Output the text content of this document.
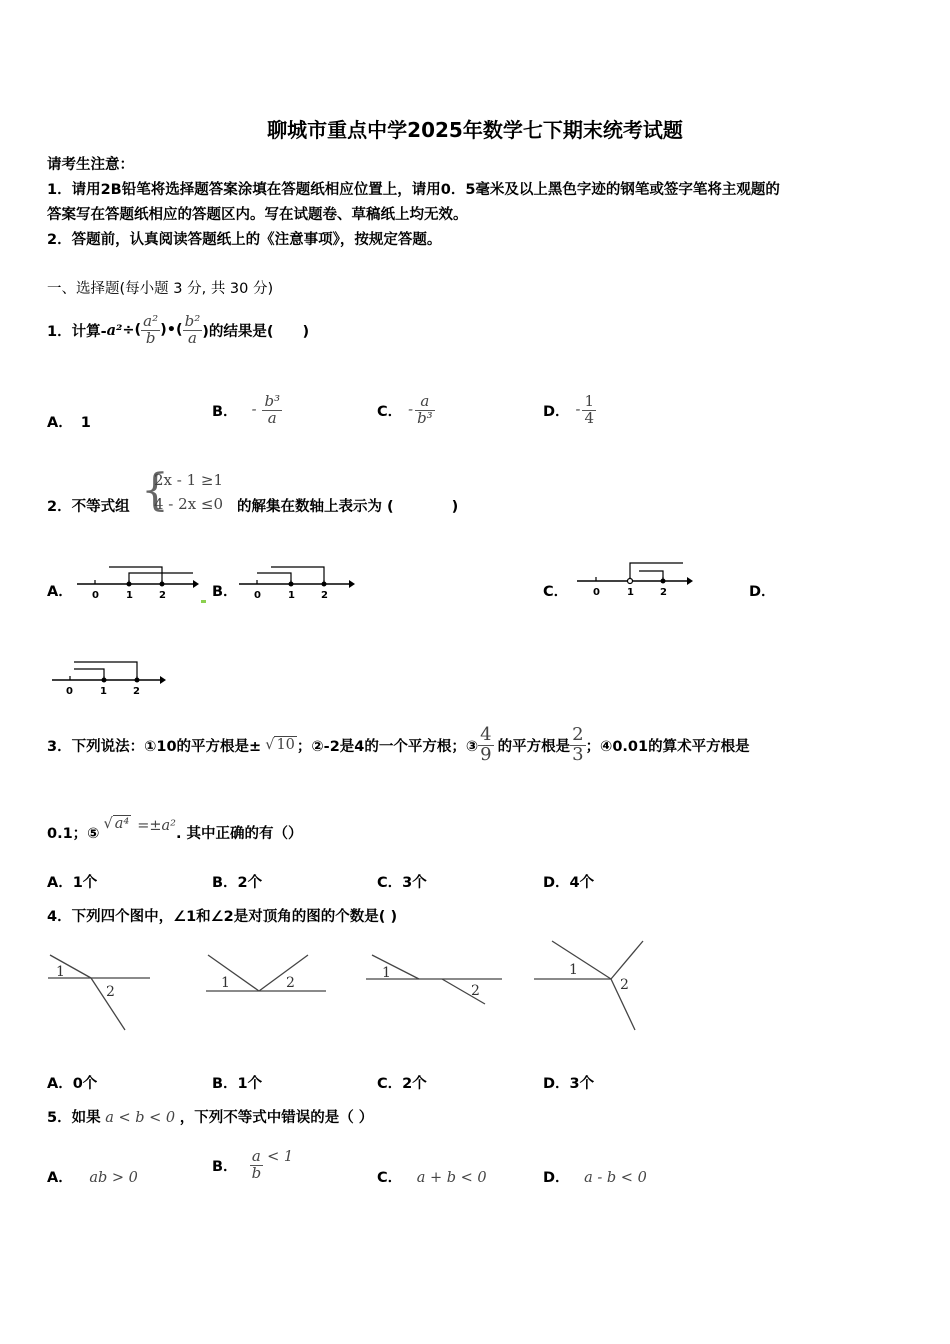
聊城市重点中学2025年数学七下期末统考试题
请考生注意：
1．请用2B铅笔将选择题答案涂填在答题纸相应位置上，请用0．5毫米及以上黑色字迹的钢笔或签字笔将主观题的
答案写在答题纸相应的答题区内。写在试题卷、草稿纸上均无效。
2．答题前，认真阅读答题纸上的《注意事项》，按规定答题。
一、选择题(每小题 3 分, 共 30 分)
1．计算- a² ÷( $\frac{\text{a²}}{b}$ )•( $\frac{\text{b²}}{a}$ )的结果是(　　)
A． 1
B． - $\frac{\text{b³}}{a}$	C． - $\frac{a}{\text{b³}}$	D． - $\frac{1}{4}$
2．不等式组 {
2x - 1 ≥1
4 - 2x ≤0 的解集在数轴上表示为 (　　　　)
A．	B．	C．	D．
0	1	2	0	1	2	0	1	2
0	1	2
3．下列说法：①10的平方根是± √ 10 ；②-2是4的一个平方根；③ $\frac{4}{9}$ 的平方根是 $\frac{2}{3}$ ；④0.01的算术平方根是
0.1；⑤
√ a⁴ =±a² . 其中正确的有（）
A．1个	B．2个	C．3个	D．4个
4．下列四个图中，∠1和∠2是对顶角的图的个数是( )
1
2
1	2
1
2
1
2
A．0个	B．1个	C．2个	D．3个
5．如果 a < b < 0 ，下列不等式中错误的是（ ）
A． ab > 0
B． $\frac{a}{b} < 1$
C． a + b < 0	D． a - b < 0
